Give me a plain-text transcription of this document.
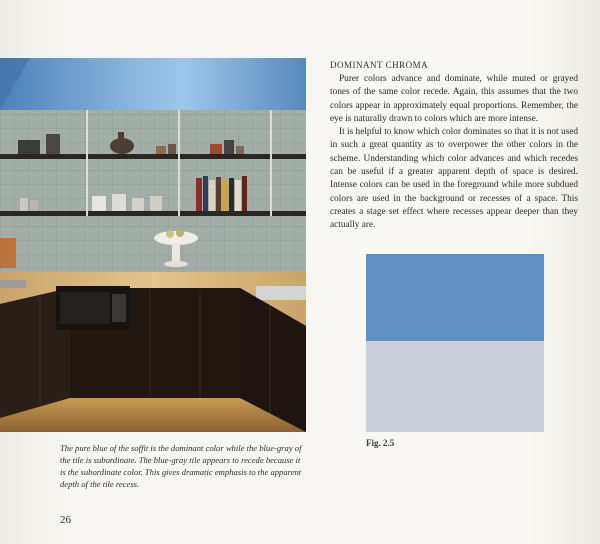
The pure blue of the soffit is the dominant color while the blue-gray of the tile is subordinate. The blue-gray tile appears to recede because it is the subordinate color. This gives dramatic emphasis to the apparent depth of the tile recess.
26
DOMINANT CHROMA

Purer colors advance and dominate, while muted or grayed tones of the same color recede. Again, this assumes that the two colors appear in approximately equal proportions. Remember, the eye is naturally drawn to colors which are more intense.

It is helpful to know which color dominates so that it is not used in such a great quantity as to overpower the other colors in the scheme. Understanding which color advances and which recedes can be useful if a greater apparent depth of space is desired. Intense colors can be used in the foreground while more subdued colors are used in the background or recesses of a space. This creates a stage set effect where recesses appear deeper than they actually are.

Fig. 2.5
